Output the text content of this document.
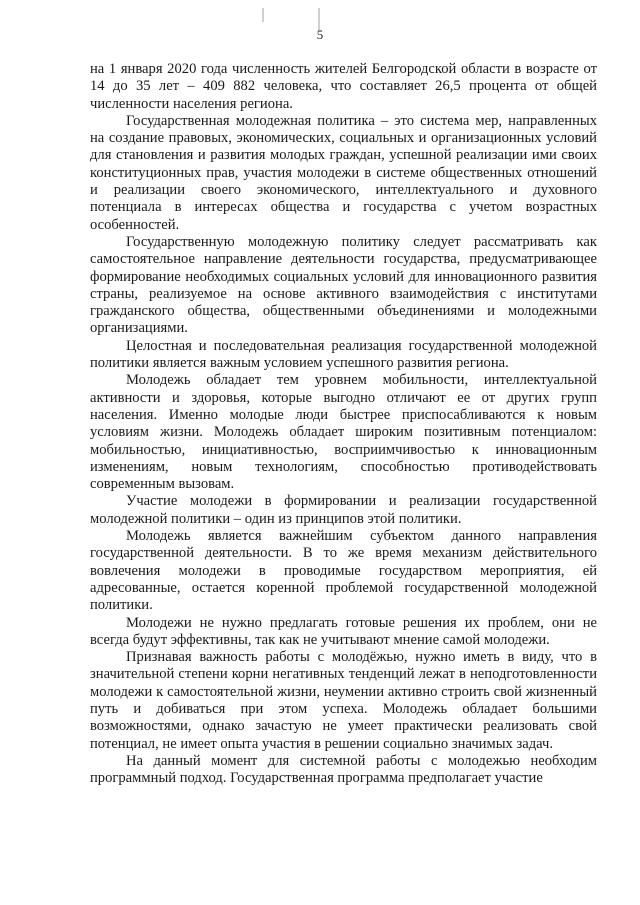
5

на 1 января 2020 года численность жителей Белгородской области в возрасте от 14 до 35 лет – 409 882 человека, что составляет 26,5 процента от общей численности населения региона.

Государственная молодежная политика – это система мер, направленных на создание правовых, экономических, социальных и организационных условий для становления и развития молодых граждан, успешной реализации ими своих конституционных прав, участия молодежи в системе общественных отношений и реализации своего экономического, интеллектуального и духовного потенциала в интересах общества и государства с учетом возрастных особенностей.

Государственную молодежную политику следует рассматривать как самостоятельное направление деятельности государства, предусматривающее формирование необходимых социальных условий для инновационного развития страны, реализуемое на основе активного взаимодействия с институтами гражданского общества, общественными объединениями и молодежными организациями.

Целостная и последовательная реализация государственной молодежной политики является важным условием успешного развития региона.

Молодежь обладает тем уровнем мобильности, интеллектуальной активности и здоровья, которые выгодно отличают ее от других групп населения. Именно молодые люди быстрее приспосабливаются к новым условиям жизни. Молодежь обладает широким позитивным потенциалом: мобильностью, инициативностью, восприимчивостью к инновационным изменениям, новым технологиям, способностью противодействовать современным вызовам.

Участие молодежи в формировании и реализации государственной молодежной политики – один из принципов этой политики.

Молодежь является важнейшим субъектом данного направления государственной деятельности. В то же время механизм действительного вовлечения молодежи в проводимые государством мероприятия, ей адресованные, остается коренной проблемой государственной молодежной политики.

Молодежи не нужно предлагать готовые решения их проблем, они не всегда будут эффективны, так как не учитывают мнение самой молодежи.

Признавая важность работы с молодёжью, нужно иметь в виду, что в значительной степени корни негативных тенденций лежат в неподготовленности молодежи к самостоятельной жизни, неумении активно строить свой жизненный путь и добиваться при этом успеха. Молодежь обладает большими возможностями, однако зачастую не умеет практически реализовать свой потенциал, не имеет опыта участия в решении социально значимых задач.

На данный момент для системной работы с молодежью необходим программный подход. Государственная программа предполагает участие
